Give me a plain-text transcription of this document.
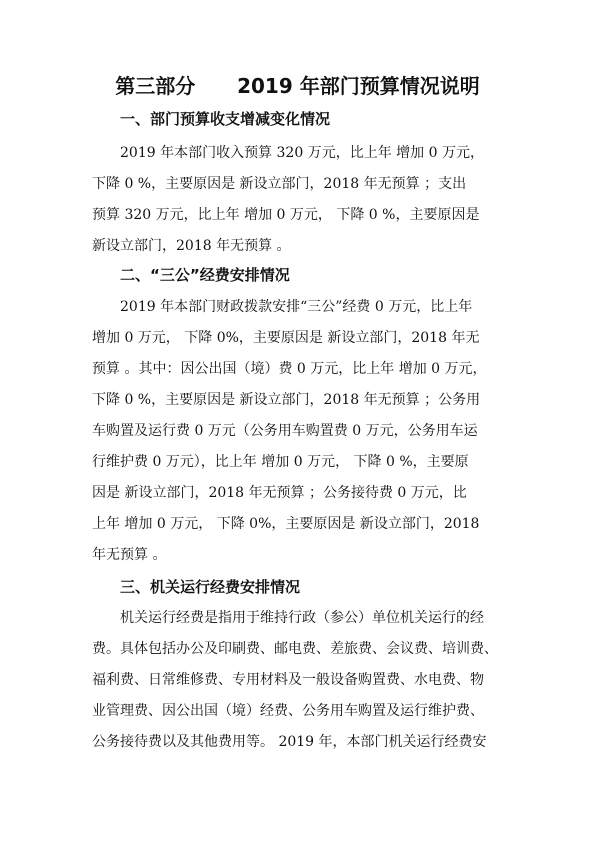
第三部分      2019 年部门预算情况说明
一、部门预算收支增减变化情况
2019 年本部门收入预算 320 万元，比上年 增加 0 万元，
下降 0 %，主要原因是 新设立部门，2018 年无预算 ；支出
预算 320 万元，比上年 增加 0 万元， 下降 0 %，主要原因是
新设立部门，2018 年无预算 。
二、“三公”经费安排情况
2019 年本部门财政拨款安排“三公”经费 0 万元，比上年
增加 0 万元， 下降 0%，主要原因是 新设立部门，2018 年无
预算 。其中：因公出国（境）费 0 万元，比上年 增加 0 万元，
下降 0 %，主要原因是 新设立部门，2018 年无预算 ；公务用
车购置及运行费 0 万元（公务用车购置费 0 万元，公务用车运
行维护费 0 万元），比上年 增加 0 万元， 下降 0 %，主要原
因是 新设立部门，2018 年无预算 ；公务接待费 0 万元，比
上年 增加 0 万元， 下降 0%，主要原因是 新设立部门，2018
年无预算 。
三、机关运行经费安排情况
机关运行经费是指用于维持行政（参公）单位机关运行的经
费。具体包括办公及印刷费、邮电费、差旅费、会议费、培训费、
福利费、日常维修费、专用材料及一般设备购置费、水电费、物
业管理费、因公出国（境）经费、公务用车购置及运行维护费、
公务接待费以及其他费用等。 2019 年，本部门机关运行经费安
